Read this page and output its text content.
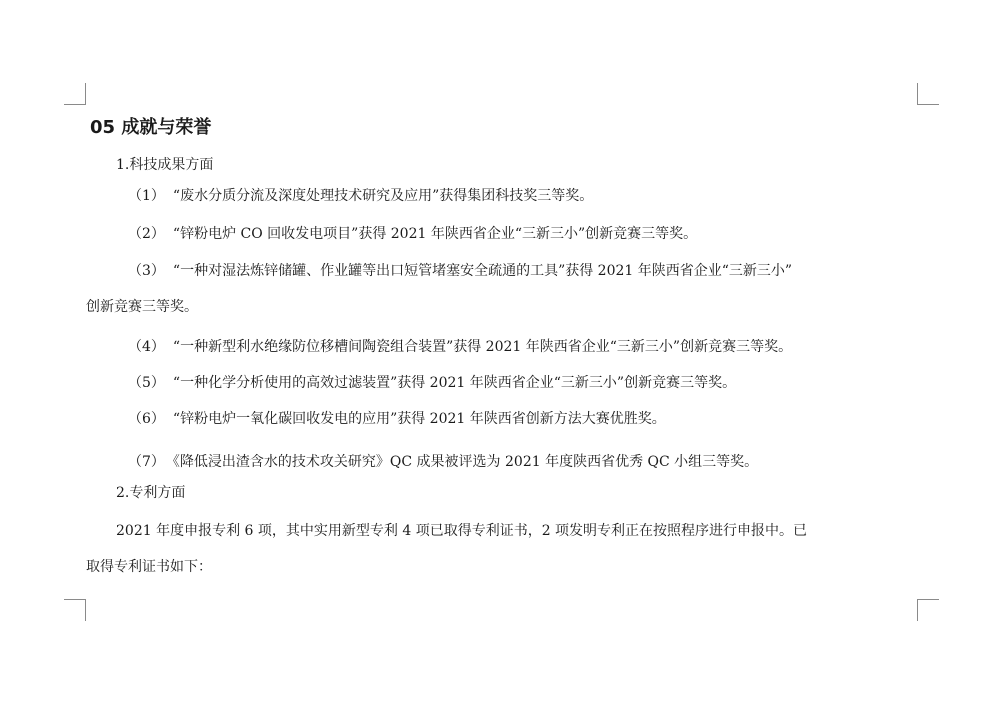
05 成就与荣誉
1.科技成果方面
（1） “废水分质分流及深度处理技术研究及应用”获得集团科技奖三等奖。
（2） “锌粉电炉 CO 回收发电项目”获得 2021 年陕西省企业“三新三小”创新竞赛三等奖。
（3） “一种对湿法炼锌储罐、作业罐等出口短管堵塞安全疏通的工具”获得 2021 年陕西省企业“三新三小”
创新竞赛三等奖。
（4） “一种新型利水绝缘防位移槽间陶瓷组合装置”获得 2021 年陕西省企业“三新三小”创新竞赛三等奖。
（5） “一种化学分析使用的高效过滤装置”获得 2021 年陕西省企业“三新三小”创新竞赛三等奖。
（6） “锌粉电炉一氧化碳回收发电的应用”获得 2021 年陕西省创新方法大赛优胜奖。
（7） 《降低浸出渣含水的技术攻关研究》QC 成果被评选为 2021 年度陕西省优秀 QC 小组三等奖。
2.专利方面
2021 年度申报专利 6 项，其中实用新型专利 4 项已取得专利证书，2 项发明专利正在按照程序进行申报中。已
取得专利证书如下：
